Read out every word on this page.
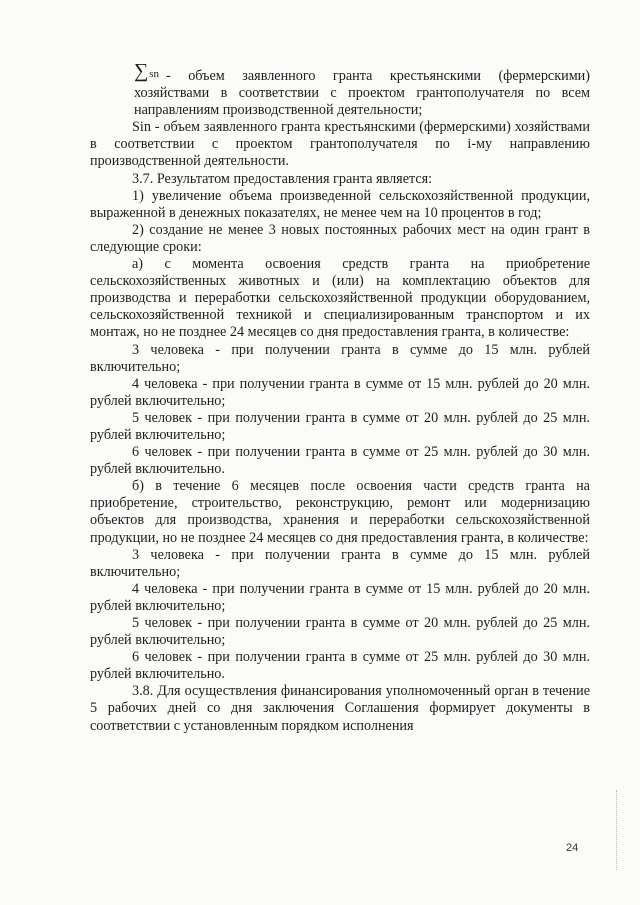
∑sn - объем заявленного гранта крестьянскими (фермерскими) хозяйствами в соответствии с проектом грантополучателя по всем направлениям производственной деятельности;

Sin - объем заявленного гранта крестьянскими (фермерскими) хозяйствами в соответствии с проектом грантополучателя по i-му направлению производственной деятельности.

3.7. Результатом предоставления гранта является:

1) увеличение объема произведенной сельскохозяйственной продукции, выраженной в денежных показателях, не менее чем на 10 процентов в год;

2) создание не менее 3 новых постоянных рабочих мест на один грант в следующие сроки:

а) с момента освоения средств гранта на приобретение сельскохозяйственных животных и (или) на комплектацию объектов для производства и переработки сельскохозяйственной продукции оборудованием, сельскохозяйственной техникой и специализированным транспортом и их монтаж, но не позднее 24 месяцев со дня предоставления гранта, в количестве:

3 человека - при получении гранта в сумме до 15 млн. рублей включительно;

4 человека - при получении гранта в сумме от 15 млн. рублей до 20 млн. рублей включительно;

5 человек - при получении гранта в сумме от 20 млн. рублей до 25 млн. рублей включительно;

6 человек - при получении гранта в сумме от 25 млн. рублей до 30 млн. рублей включительно.

б) в течение 6 месяцев после освоения части средств гранта на приобретение, строительство, реконструкцию, ремонт или модернизацию объектов для производства, хранения и переработки сельскохозяйственной продукции, но не позднее 24 месяцев со дня предоставления гранта, в количестве:

3 человека - при получении гранта в сумме до 15 млн. рублей включительно;

4 человека - при получении гранта в сумме от 15 млн. рублей до 20 млн. рублей включительно;

5 человек - при получении гранта в сумме от 20 млн. рублей до 25 млн. рублей включительно;

6 человек - при получении гранта в сумме от 25 млн. рублей до 30 млн. рублей включительно.

3.8. Для осуществления финансирования уполномоченный орган в течение 5 рабочих дней со дня заключения Соглашения формирует документы в соответствии с установленным порядком исполнения

24
